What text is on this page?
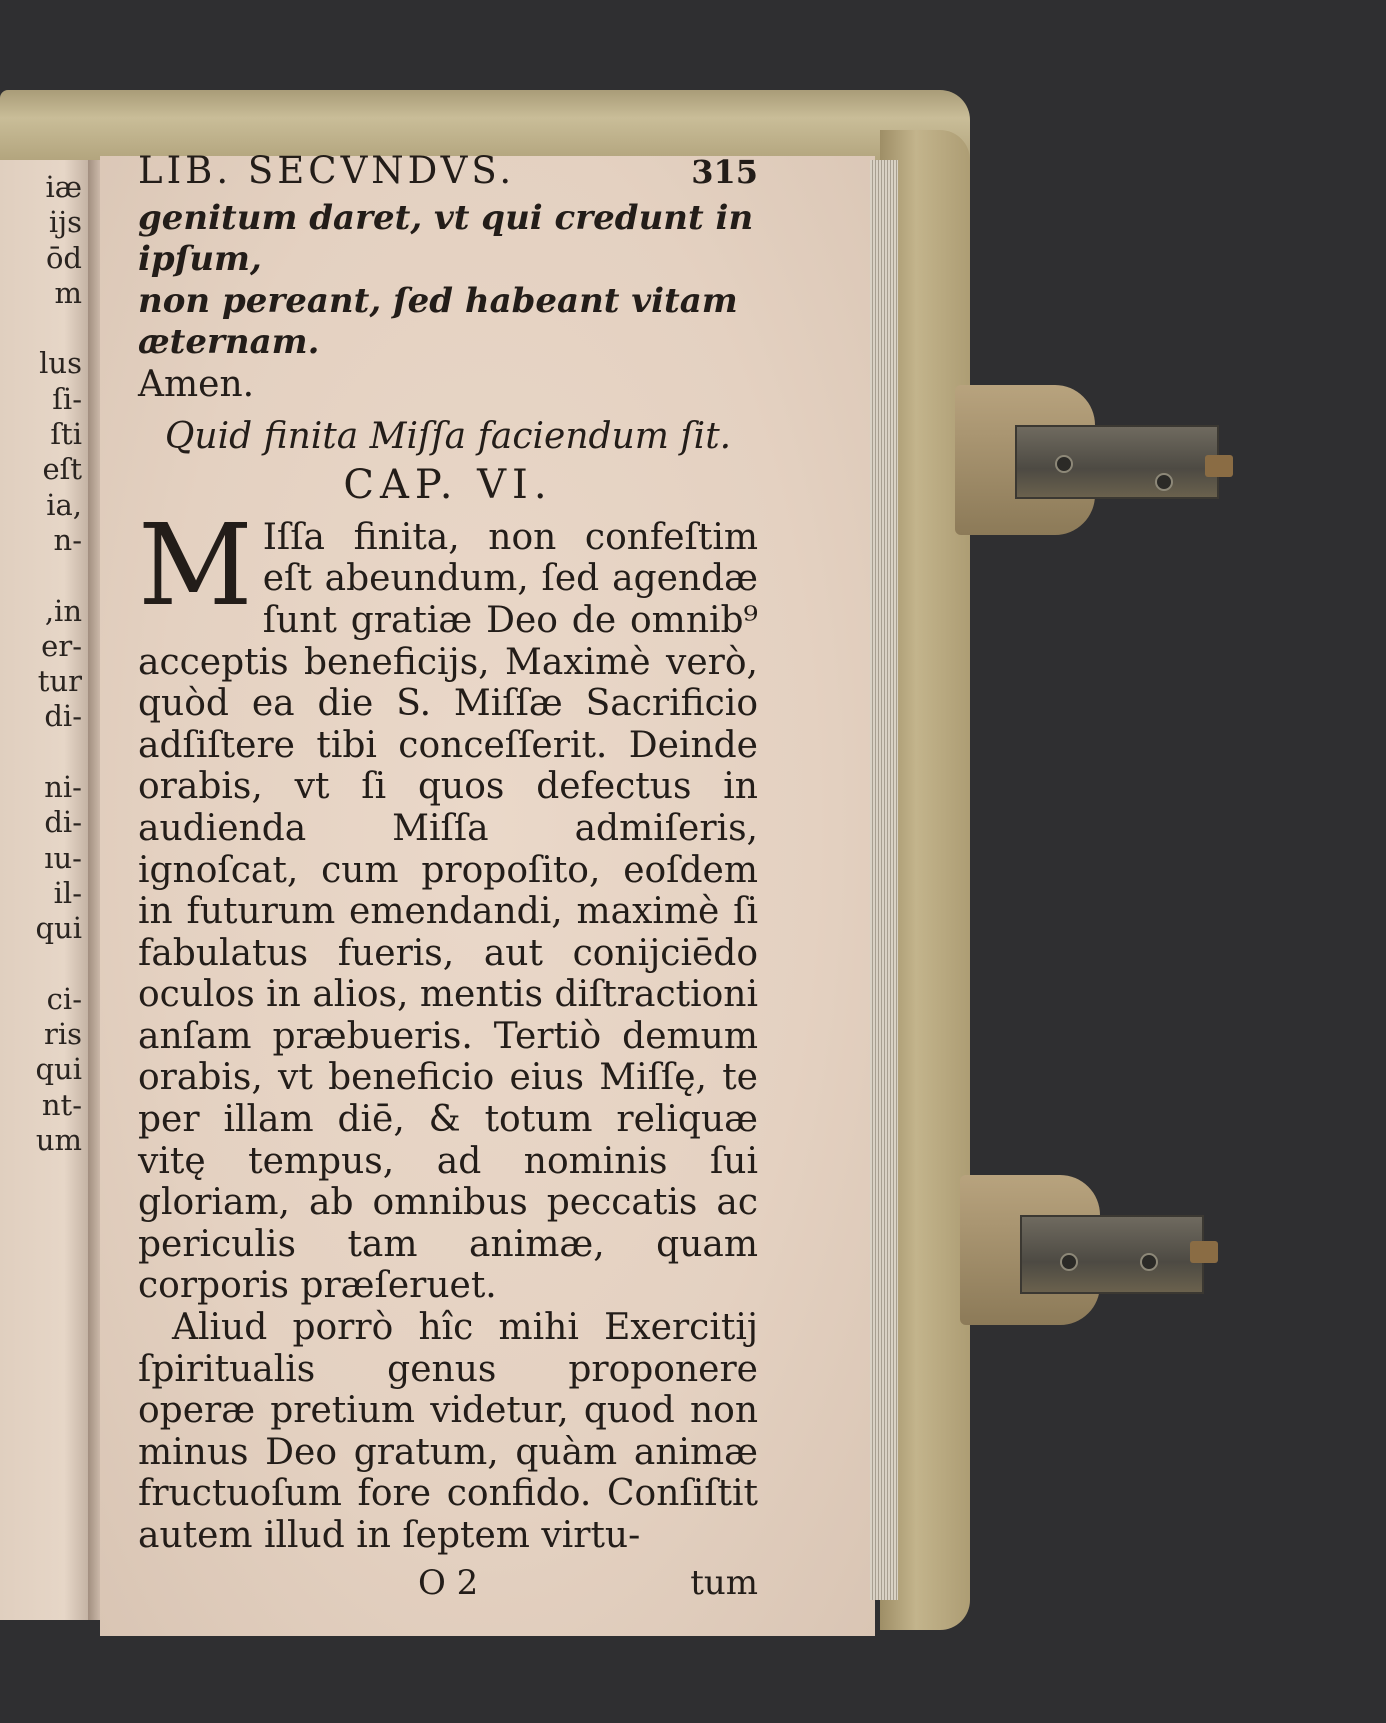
iæ
ijs
ōd
m

lus
ſi-
ſti
eſt
ia,
n-

,in
er-
tur
di-

ni-
di-
ıu-
il-
qui

ci-
ris
qui
nt-
um
LIB. SECVNDVS.	315
genitum daret, vt qui credunt in ipſum,
non pereant, ſed habeant vitam æternam.
Amen.
Quid finita Miſſa faciendum ſit.
CAP. VI.
M Iſſa finita, non confeſtim eſt abeundum, ſed agendæ ſunt gratiæ Deo de omnib⁹ acceptis beneficijs, Maximè verò, quòd ea die S. Miſſæ Sacrificio adſiſtere tibi conceſſerit. Deinde orabis, vt ſi quos defectus in audienda Miſſa admiſeris, ignoſcat, cum propoſito, eoſdem in futurum emendandi, maximè ſi fabulatus fueris, aut conijciēdo oculos in alios, mentis diſtractioni anſam præbueris. Tertiò demum orabis, vt beneficio eius Miſſę, te per illam diē, & totum reliquæ vitę tempus, ad nominis ſui gloriam, ab omnibus peccatis ac periculis tam animæ, quam corporis præſeruet.
Aliud porrò hîc mihi Exercitij ſpiritualis genus proponere operæ pretium videtur, quod non minus Deo gratum, quàm animæ fructuoſum fore confido. Conſiſtit autem illud in ſeptem virtu-
O 2	tum
